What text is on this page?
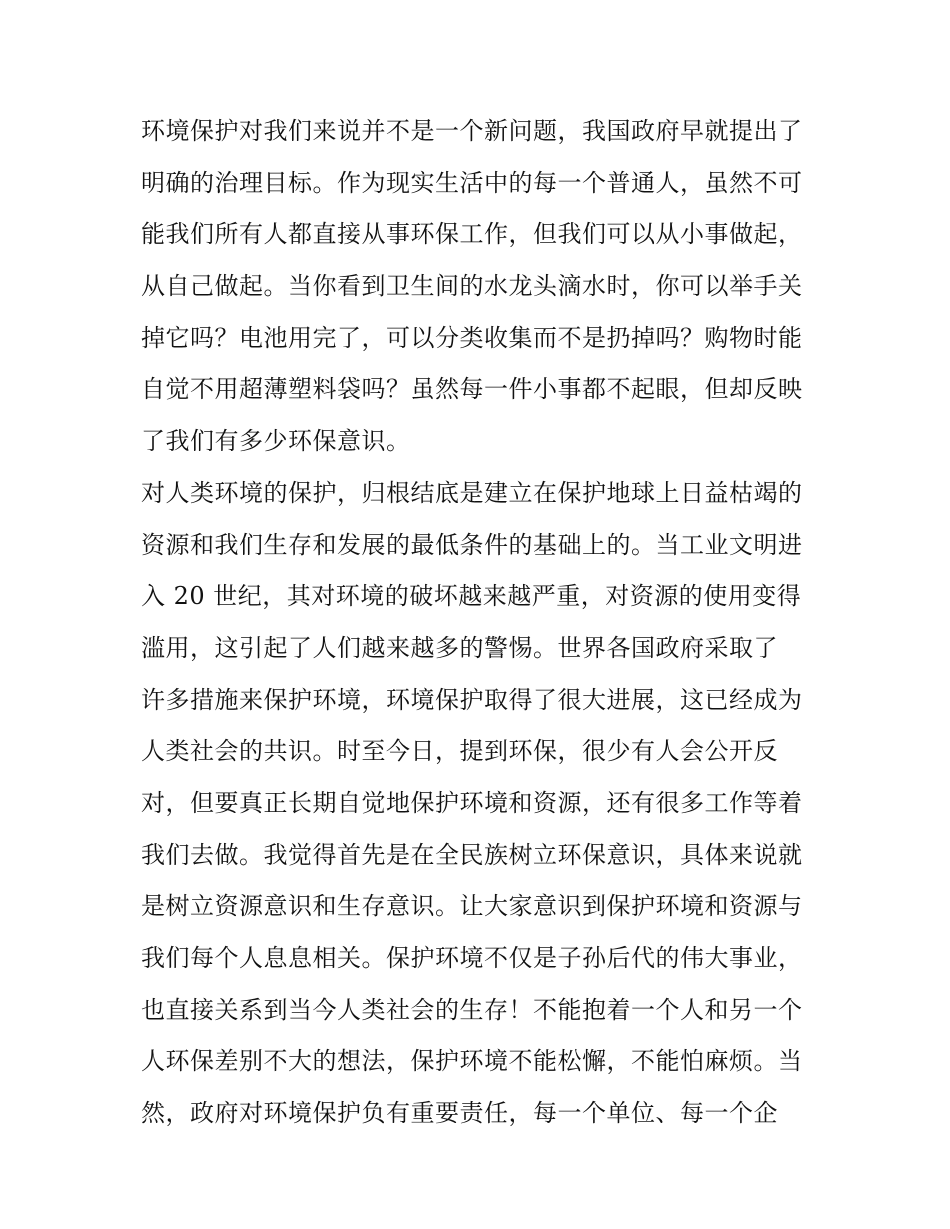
环境保护对我们来说并不是一个新问题，我国政府早就提出了
明确的治理目标。作为现实生活中的每一个普通人，虽然不可
能我们所有人都直接从事环保工作，但我们可以从小事做起，
从自己做起。当你看到卫生间的水龙头滴水时，你可以举手关
掉它吗？电池用完了，可以分类收集而不是扔掉吗？购物时能
自觉不用超薄塑料袋吗？虽然每一件小事都不起眼，但却反映
了我们有多少环保意识。
对人类环境的保护，归根结底是建立在保护地球上日益枯竭的
资源和我们生存和发展的最低条件的基础上的。当工业文明进
入 20 世纪，其对环境的破坏越来越严重，对资源的使用变得
滥用，这引起了人们越来越多的警惕。世界各国政府采取了
许多措施来保护环境，环境保护取得了很大进展，这已经成为
人类社会的共识。时至今日，提到环保，很少有人会公开反
对，但要真正长期自觉地保护环境和资源，还有很多工作等着
我们去做。我觉得首先是在全民族树立环保意识，具体来说就
是树立资源意识和生存意识。让大家意识到保护环境和资源与
我们每个人息息相关。保护环境不仅是子孙后代的伟大事业，
也直接关系到当今人类社会的生存！不能抱着一个人和另一个
人环保差别不大的想法，保护环境不能松懈，不能怕麻烦。当
然，政府对环境保护负有重要责任，每一个单位、每一个企
